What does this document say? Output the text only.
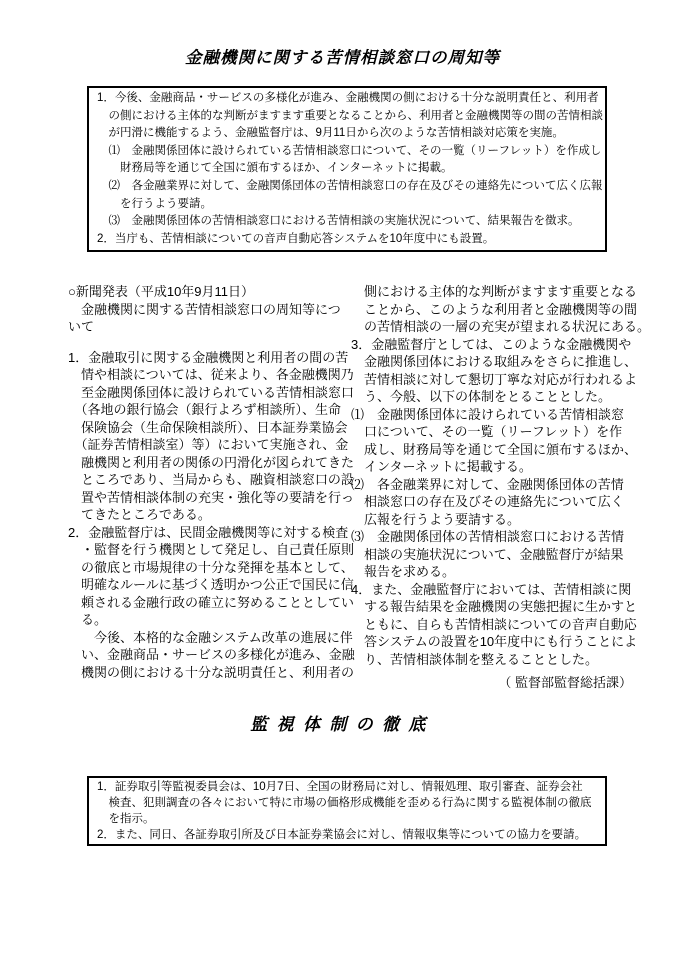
金融機関に関する苦情相談窓口の周知等
1．今後、金融商品・サービスの多様化が進み、金融機関の側における十分な説明責任と、利用者
　の側における主体的な判断がますます重要となることから、利用者と金融機関等の間の苦情相談
　が円滑に機能するよう、金融監督庁は、9月11日から次のような苦情相談対応策を実施。
　⑴　金融関係団体に設けられている苦情相談窓口について、その一覧（リーフレット）を作成し
　　財務局等を通じて全国に頒布するほか、インターネットに掲載。
　⑵　各金融業界に対して、金融関係団体の苦情相談窓口の存在及びその連絡先について広く広報
　　を行うよう要請。
　⑶　金融関係団体の苦情相談窓口における苦情相談の実施状況について、結果報告を徴求。
2．当庁も、苦情相談についての音声自動応答システムを10年度中にも設置。
○新聞発表（平成10年9月11日）
　金融機関に関する苦情相談窓口の周知等につ
いて
1．金融取引に関する金融機関と利用者の間の苦
　情や相談については、従来より、各金融機関乃
　至金融関係団体に設けられている苦情相談窓口
　（各地の銀行協会（銀行よろず相談所）、生命
　保険協会（生命保険相談所）、日本証券業協会
　（証券苦情相談室）等）において実施され、金
　融機関と利用者の関係の円滑化が図られてきた
　ところであり、当局からも、融資相談窓口の設
　置や苦情相談体制の充実・強化等の要請を行っ
　てきたところである。
2．金融監督庁は、民間金融機関等に対する検査
　・監督を行う機関として発足し、自己責任原則
　の徹底と市場規律の十分な発揮を基本として、
　明確なルールに基づく透明かつ公正で国民に信
　頼される金融行政の確立に努めることとしてい
　る。
　　今後、本格的な金融システム改革の進展に伴
　い、金融商品・サービスの多様化が進み、金融
　機関の側における十分な説明責任と、利用者の
　側における主体的な判断がますます重要となる
　ことから、このような利用者と金融機関等の間
　の苦情相談の一層の充実が望まれる状況にある。
3．金融監督庁としては、このような金融機関や
　金融関係団体における取組みをさらに推進し、
　苦情相談に対して懇切丁寧な対応が行われるよ
　う、今般、以下の体制をとることとした。
⑴　金融関係団体に設けられている苦情相談窓
　口について、その一覧（リーフレット）を作
　成し、財務局等を通じて全国に頒布するほか、
　インターネットに掲載する。
⑵　各金融業界に対して、金融関係団体の苦情
　相談窓口の存在及びその連絡先について広く
　広報を行うよう要請する。
⑶　金融関係団体の苦情相談窓口における苦情
　相談の実施状況について、金融監督庁が結果
　報告を求める。
4．また、金融監督庁においては、苦情相談に関
　する報告結果を金融機関の実態把握に生かすと
　ともに、自らも苦情相談についての音声自動応
　答システムの設置を10年度中にも行うことによ
　り、苦情相談体制を整えることとした。
（ 監督部監督総括課）
監視体制の徹底
1．証券取引等監視委員会は、10月7日、全国の財務局に対し、情報処理、取引審査、証券会社
　検査、犯則調査の各々において特に市場の価格形成機能を歪める行為に関する監視体制の徹底
　を指示。
2．また、同日、各証券取引所及び日本証券業協会に対し、情報収集等についての協力を要請。
